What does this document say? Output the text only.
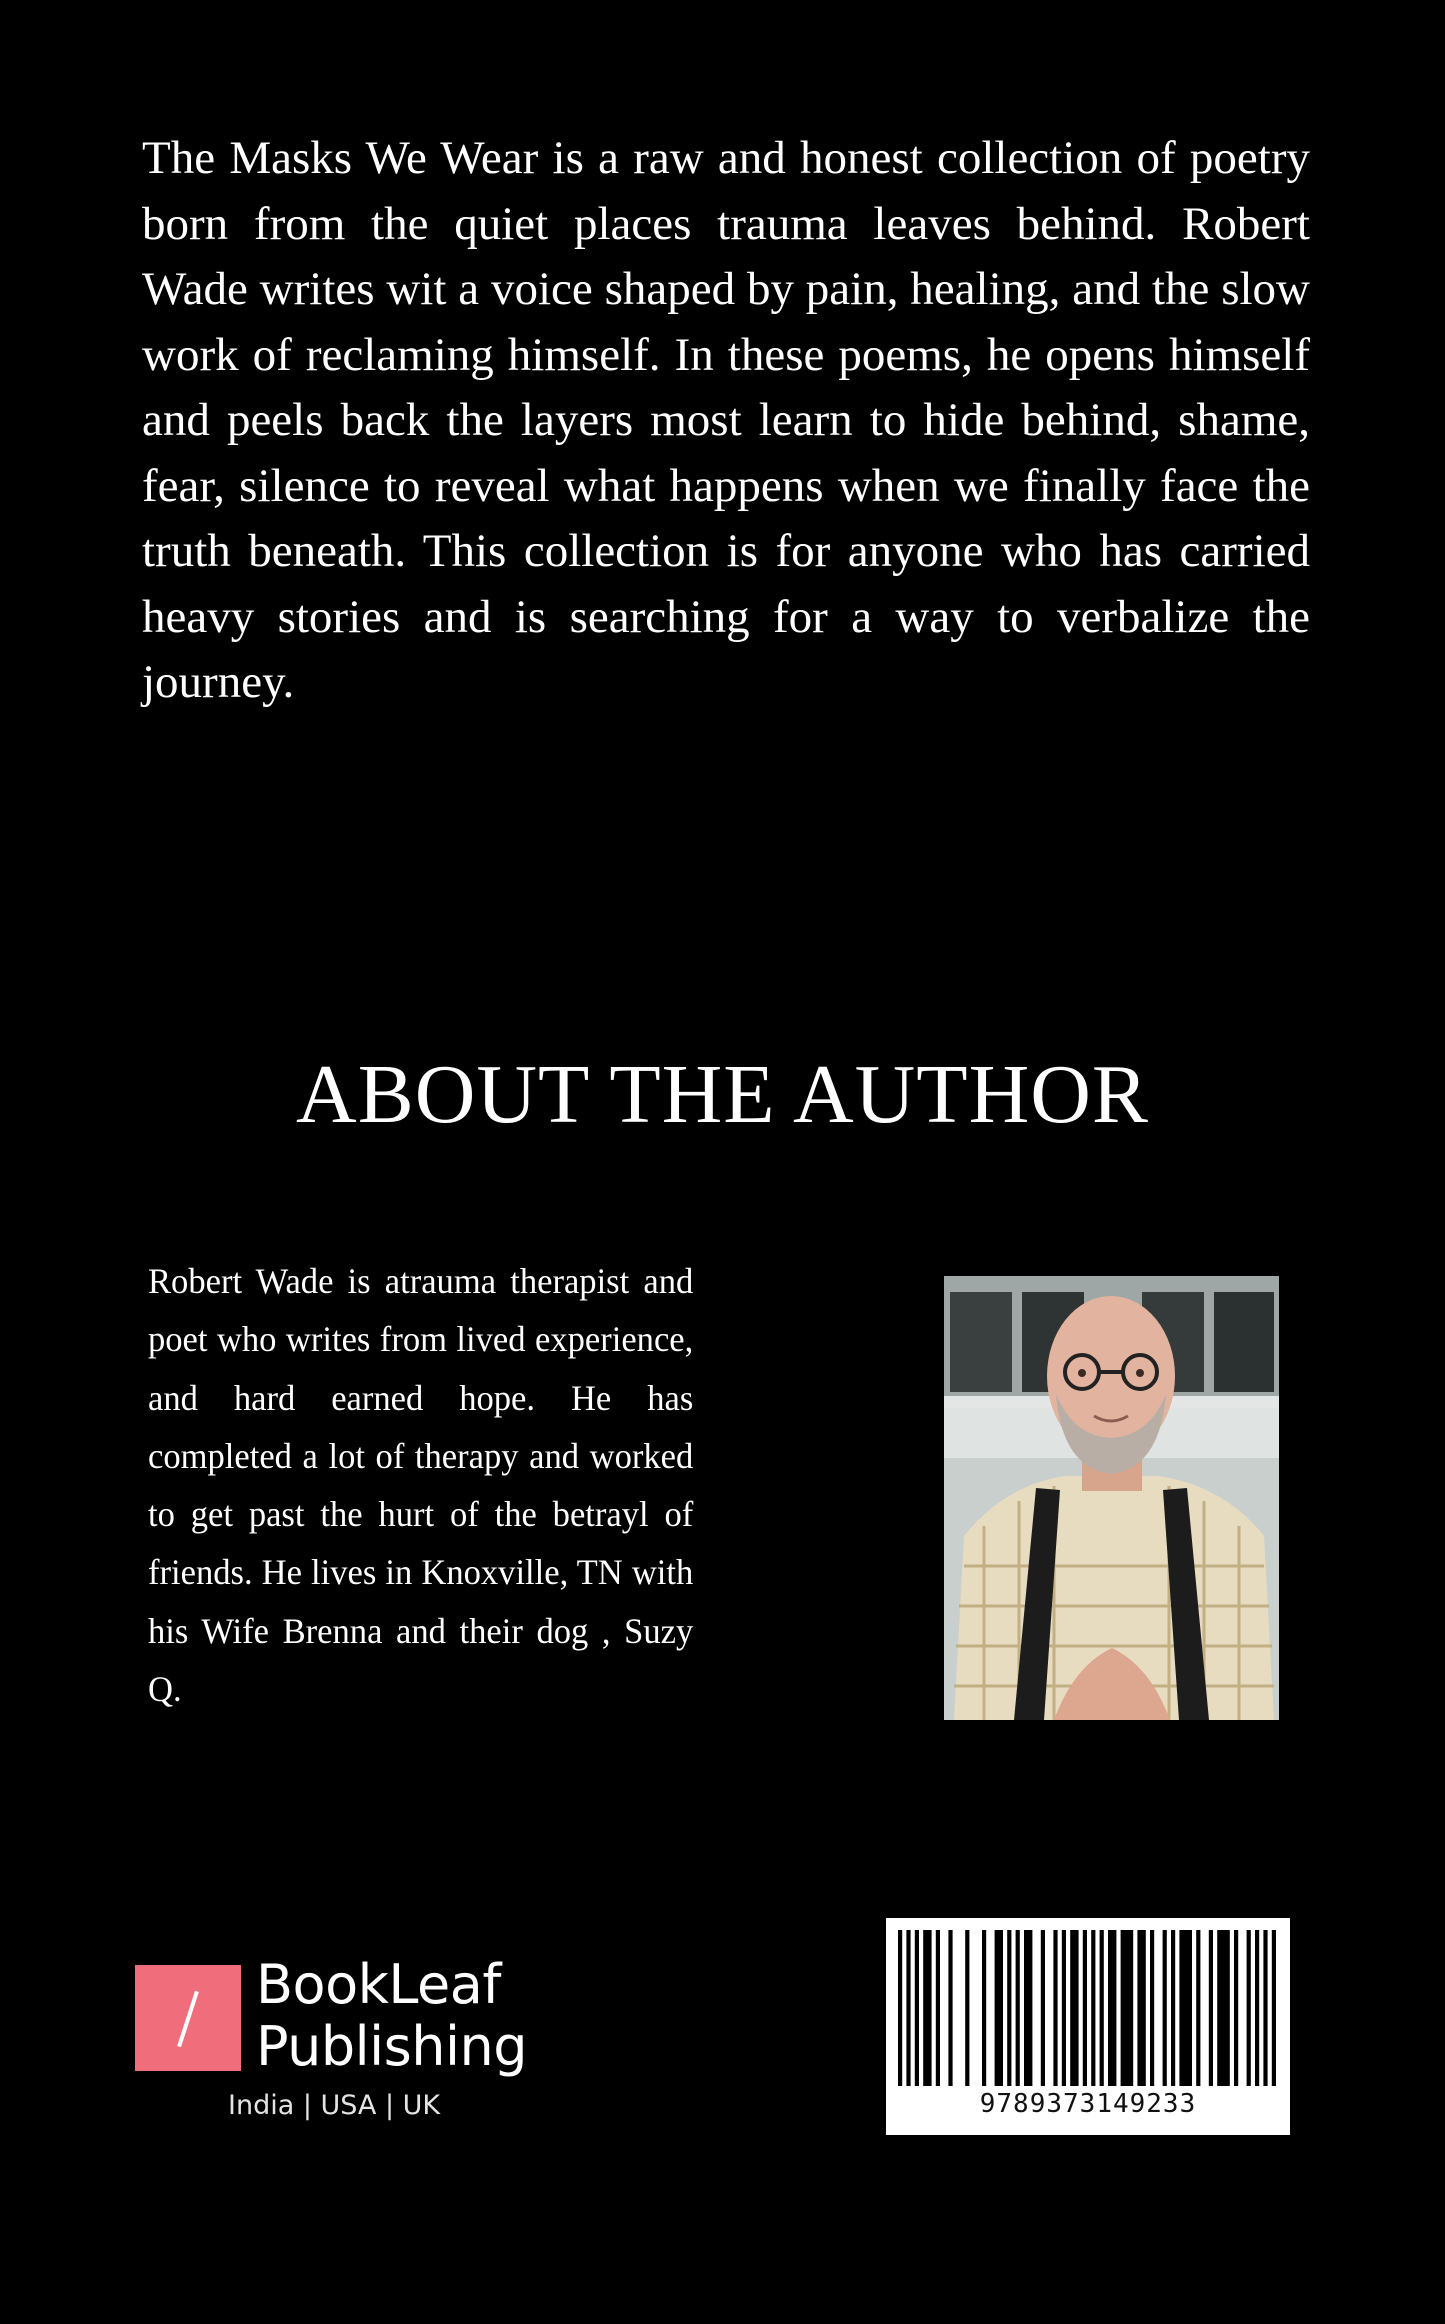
The Masks We Wear is a raw and honest collection of poetry born from the quiet places trauma leaves behind. Robert Wade writes wit a voice shaped by pain, healing, and the slow work of reclaming himself. In these poems, he opens himself and peels back the layers most learn to hide behind, shame, fear, silence to reveal what happens when we finally face the truth beneath. This collection is for anyone who has carried heavy stories and is searching for a way to verbalize the journey.

ABOUT THE AUTHOR

Robert Wade is atrauma therapist and poet who writes from lived experience, and hard earned hope. He has completed a lot of therapy and worked to get past the hurt of the betrayl of friends. He lives in Knoxville, TN with his Wife Brenna and their dog , Suzy Q.

BookLeaf
Publishing
India | USA | UK	9789373149233
